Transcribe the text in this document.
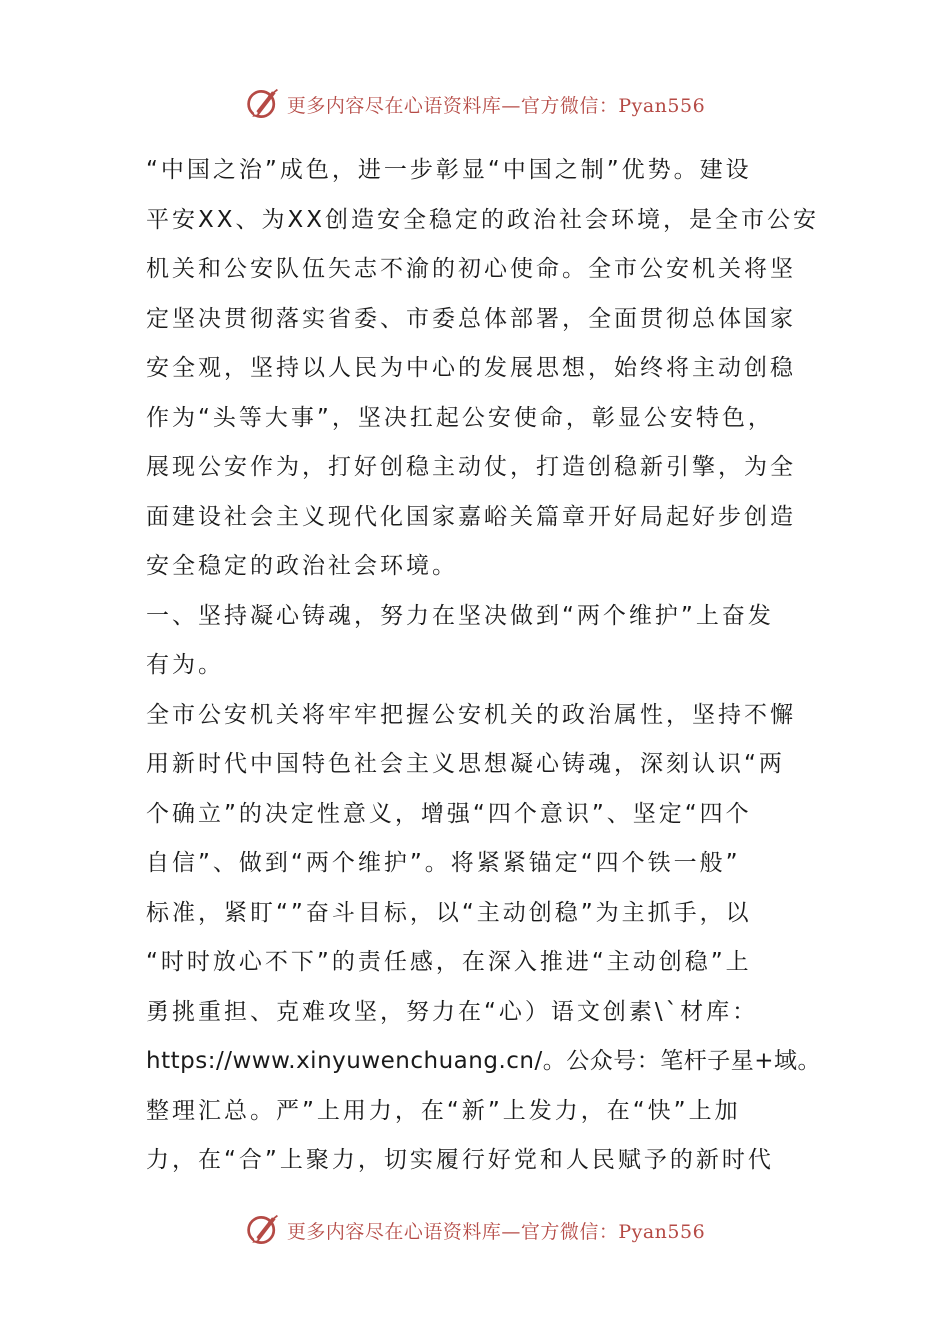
更多内容尽在心语资料库—官方微信：Pyan556
“中国之治”成色，进一步彰显“中国之制”优势。建设
平安XX、为XX创造安全稳定的政治社会环境，是全市公安
机关和公安队伍矢志不渝的初心使命。全市公安机关将坚
定坚决贯彻落实省委、市委总体部署，全面贯彻总体国家
安全观，坚持以人民为中心的发展思想，始终将主动创稳
作为“头等大事”，坚决扛起公安使命，彰显公安特色，
展现公安作为，打好创稳主动仗，打造创稳新引擎，为全
面建设社会主义现代化国家嘉峪关篇章开好局起好步创造
安全稳定的政治社会环境。
一、坚持凝心铸魂，努力在坚决做到“两个维护”上奋发
有为。
全市公安机关将牢牢把握公安机关的政治属性，坚持不懈
用新时代中国特色社会主义思想凝心铸魂，深刻认识“两
个确立”的决定性意义，增强“四个意识”、坚定“四个
自信”、做到“两个维护”。将紧紧锚定“四个铁一般”
标准，紧盯“”奋斗目标，以“主动创稳”为主抓手，以
“时时放心不下”的责任感，在深入推进“主动创稳”上
勇挑重担、克难攻坚，努力在“心）语文创素\`材库：
https://www.xinyuwenchuang.cn/。公众号：笔杆子星+域。
整理汇总。严”上用力，在“新”上发力，在“快”上加
力，在“合”上聚力，切实履行好党和人民赋予的新时代
更多内容尽在心语资料库—官方微信：Pyan556
